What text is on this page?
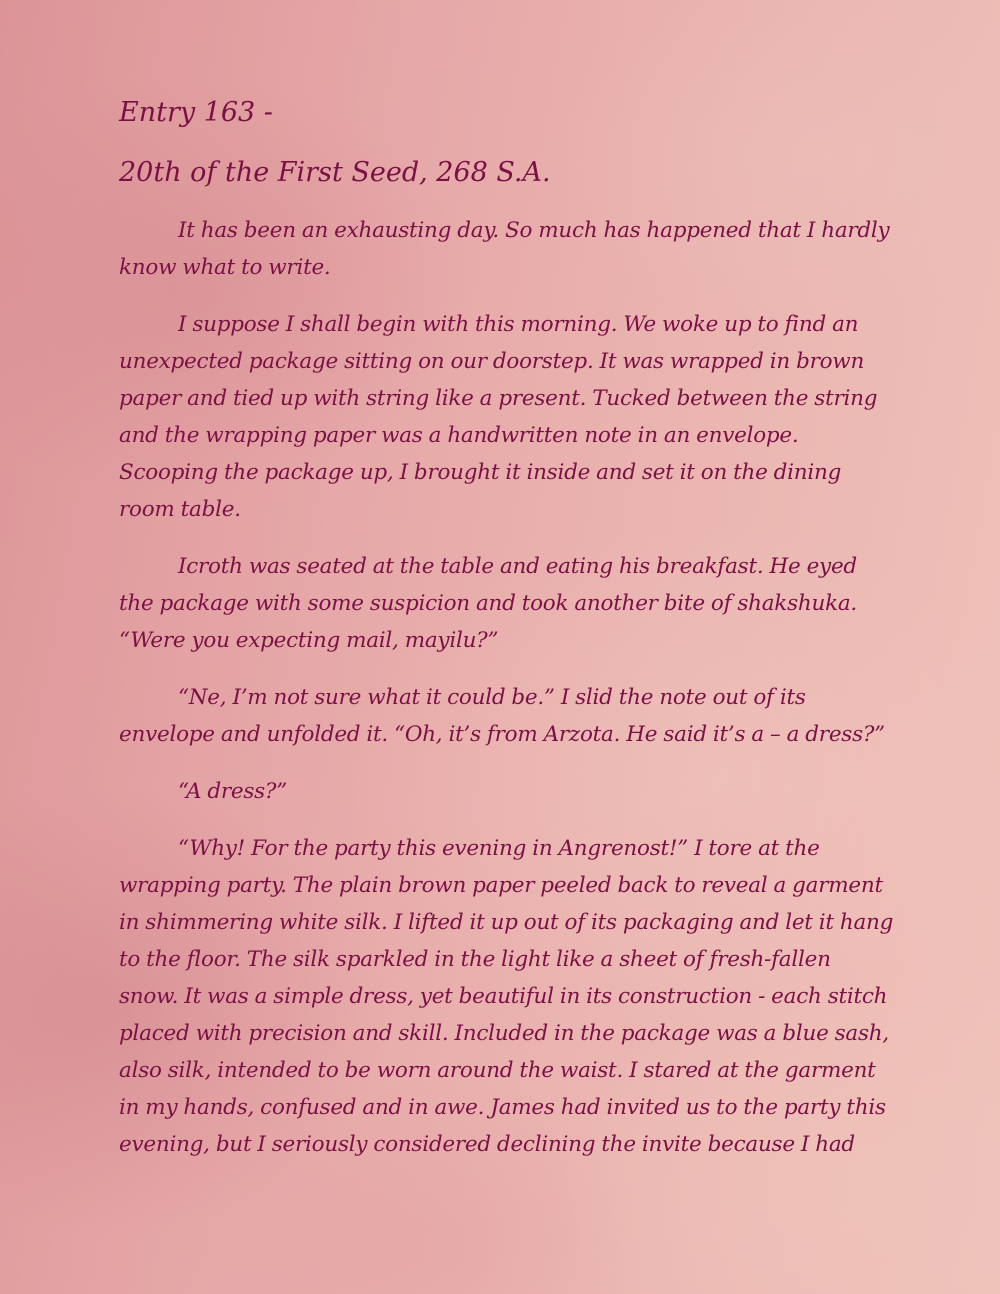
Entry 163 -
20th of the First Seed, 268 S.A.

It has been an exhausting day. So much has happened that I hardly know what to write.

I suppose I shall begin with this morning. We woke up to find an unexpected package sitting on our doorstep. It was wrapped in brown paper and tied up with string like a present. Tucked between the string and the wrapping paper was a handwritten note in an envelope. Scooping the package up, I brought it inside and set it on the dining room table.

Icroth was seated at the table and eating his breakfast. He eyed the package with some suspicion and took another bite of shakshuka. “Were you expecting mail, mayilu?”

“Ne, I’m not sure what it could be.” I slid the note out of its envelope and unfolded it. “Oh, it’s from Arzota. He said it’s a – a dress?”

“A dress?”

“Why! For the party this evening in Angrenost!” I tore at the wrapping party. The plain brown paper peeled back to reveal a garment in shimmering white silk. I lifted it up out of its packaging and let it hang to the floor. The silk sparkled in the light like a sheet of fresh-fallen snow. It was a simple dress, yet beautiful in its construction - each stitch placed with precision and skill. Included in the package was a blue sash, also silk, intended to be worn around the waist. I stared at the garment in my hands, confused and in awe. James had invited us to the party this evening, but I seriously considered declining the invite because I had
